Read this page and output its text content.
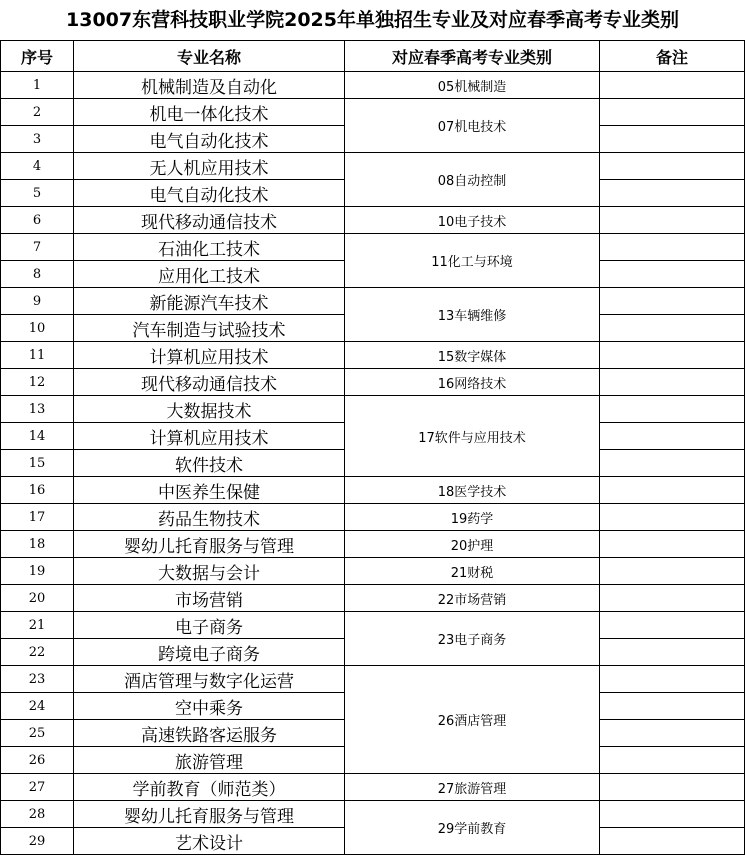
13007东营科技职业学院2025年单独招生专业及对应春季高考专业类别
序号	专业名称	对应春季高考专业类别	备注
1	机械制造及自动化	05机械制造	
2	机电一体化技术	07机电技术	
3	电气自动化技术		
4	无人机应用技术	08自动控制	
5	电气自动化技术		
6	现代移动通信技术	10电子技术	
7	石油化工技术	11化工与环境	
8	应用化工技术		
9	新能源汽车技术	13车辆维修	
10	汽车制造与试验技术		
11	计算机应用技术	15数字媒体	
12	现代移动通信技术	16网络技术	
13	大数据技术	17软件与应用技术	
14	计算机应用技术		
15	软件技术		
16	中医养生保健	18医学技术	
17	药品生物技术	19药学	
18	婴幼儿托育服务与管理	20护理	
19	大数据与会计	21财税	
20	市场营销	22市场营销	
21	电子商务	23电子商务	
22	跨境电子商务		
23	酒店管理与数字化运营	26酒店管理	
24	空中乘务		
25	高速铁路客运服务		
26	旅游管理		
27	学前教育（师范类）	27旅游管理	
28	婴幼儿托育服务与管理	29学前教育	
29	艺术设计		
